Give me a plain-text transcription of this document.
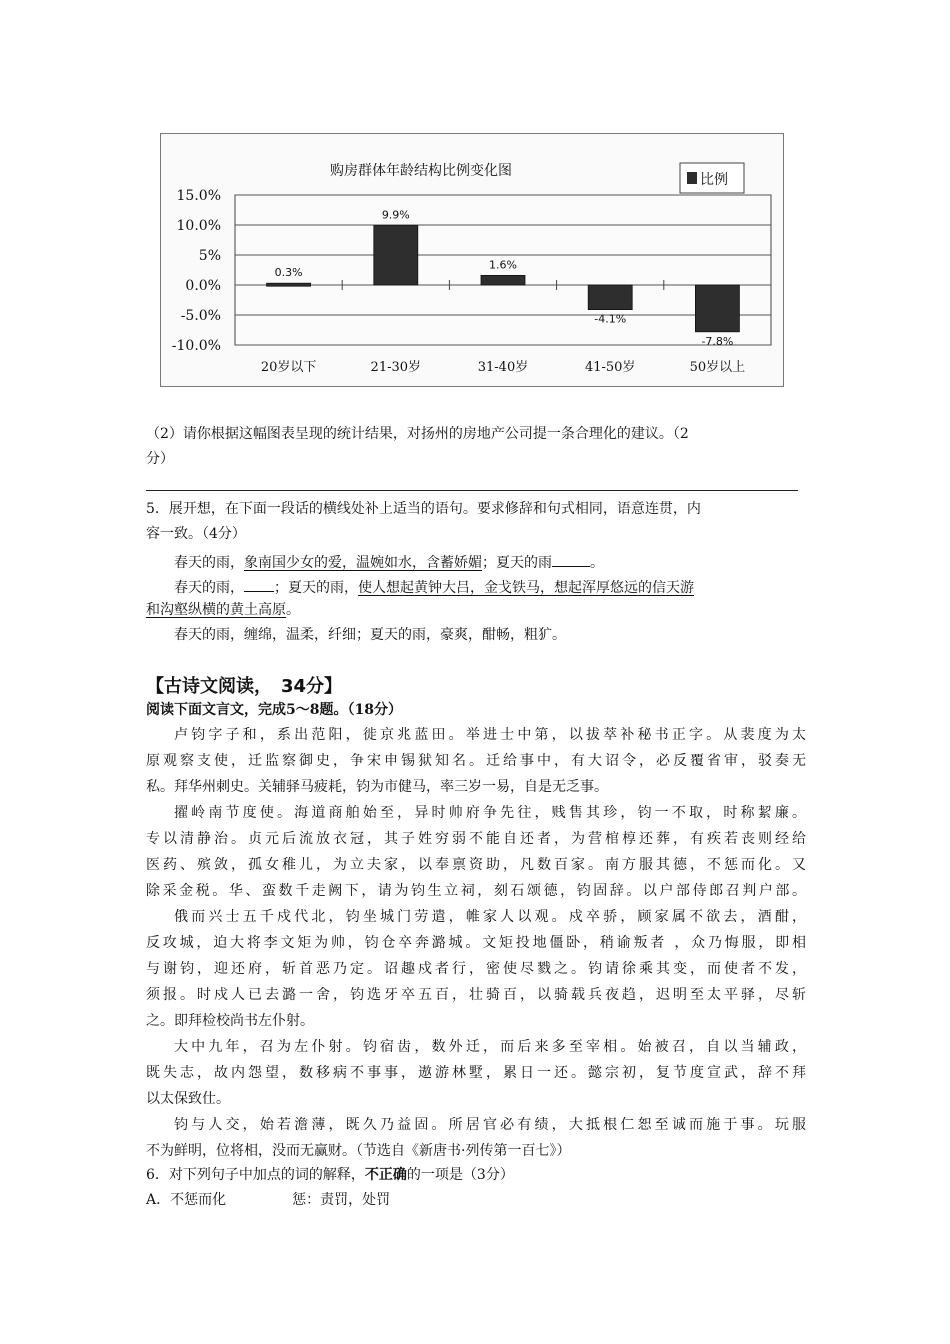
15.0%
10.0%
5%
0.0%
-5.0%
-10.0%
0.3%
20岁以下
9.9%
21-30岁
1.6%
31-40岁
-4.1%
41-50岁
-7.8%
50岁以上
购房群体年龄结构比例变化图
比例
（2）请你根据这幅图表呈现的统计结果，对扬州的房地产公司提一条合理化的建议。（2
分）
5．展开想，在下面一段话的横线处补上适当的语句。要求修辞和句式相同，语意连贯，内
容一致。（4分）
春天的雨，象南国少女的爱，温婉如水，含蓄娇媚；夏天的雨	。
春天的雨， ；夏天的雨，使人想起黄钟大吕，金戈铁马，想起浑厚悠远的信天游
和沟壑纵横的黄土高原。
春天的雨，缠绵，温柔，纤细；夏天的雨，豪爽，酣畅，粗犷。
【古诗文阅读，　34分】
阅读下面文言文，完成5～8题。（18分）
卢钧字子和，系出范阳，徙京兆蓝田。举进士中第，以拔萃补秘书正字。从裴度为太
原观察支使，迁监察御史，争宋申锡狱知名。迁给事中，有大诏令，必反覆省审，驳奏无
私。拜华州刺史。关辅驿马疲耗，钧为市健马，率三岁一易，自是无乏事。
擢岭南节度使。海道商舶始至，异时帅府争先往，贱售其珍，钧一不取，时称絜廉。
专以清静治。贞元后流放衣冠，其子姓穷弱不能自还者，为营棺椁还葬，有疾若丧则经给
医药、殡敛，孤女稚儿，为立夫家，以奉禀资助，凡数百家。南方服其德，不惩而化。又
除采金税。华、蛮数千走阙下，请为钧生立祠，刻石颂德，钧固辞。以户部侍郎召判户部。
俄而兴士五千戍代北，钧坐城门劳遣，帷家人以观。戍卒骄，顾家属不欲去，酒酣，
反攻城，迫大将李文矩为帅，钧仓卒奔潞城。文矩投地僵卧，稍谕叛者 ，众乃悔服，即相
与谢钧，迎还府，斩首恶乃定。诏趣戍者行，密使尽戮之。钧请徐乘其变，而使者不发，
须报。时戍人已去潞一舍，钧选牙卒五百，壮骑百，以骑载兵夜趋，迟明至太平驿，尽斩
之。即拜检校尚书左仆射。
大中九年，召为左仆射。钧宿齿，数外迁，而后来多至宰相。始被召，自以当辅政，
既失志，故内怨望，数移病不事事，遨游林墅，累日一还。懿宗初，复节度宣武，辞不拜
以太保致仕。
钧与人交，始若澹薄，既久乃益固。所居官必有绩，大抵根仁恕至诚而施于事。玩服
不为鲜明，位将相，没而无赢财。（节选自《新唐书·列传第一百七》）
6．对下列句子中加点的词的解释，不正确的一项是（3分）
A．不惩而化	惩：责罚，处罚
